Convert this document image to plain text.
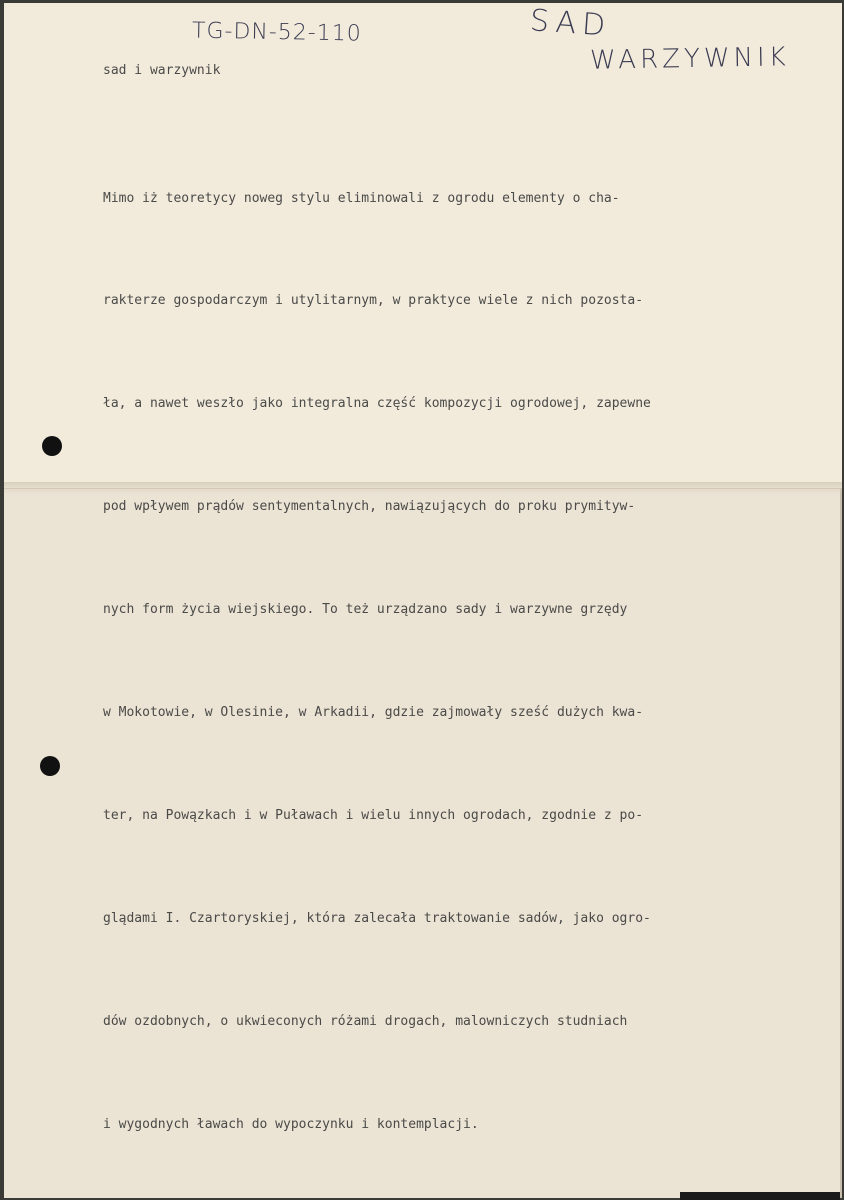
TG-DN-52-110	SAD
WARZYWNIK
sad i warzywnik

Mimo iż teoretycy noweg stylu eliminowali z ogrodu elementy o cha-

rakterze gospodarczym i utylitarnym, w praktyce wiele z nich pozosta-

ła, a nawet weszło jako integralna część kompozycji ogrodowej, zapewne

pod wpływem prądów sentymentalnych, nawiązujących do proku prymityw-

nych form życia wiejskiego. To też urządzano sady i warzywne grzędy

w Mokotowie, w Olesinie, w Arkadii, gdzie zajmowały sześć dużych kwa-

ter, na Powązkach i w Puławach i wielu innych ogrodach, zgodnie z po-

glądami I. Czartoryskiej, która zalecała traktowanie sadów, jako ogro-

dów ozdobnych, o ukwieconych różami drogach, malowniczych studniach

i wygodnych ławach do wypoczynku i kontemplacji.
